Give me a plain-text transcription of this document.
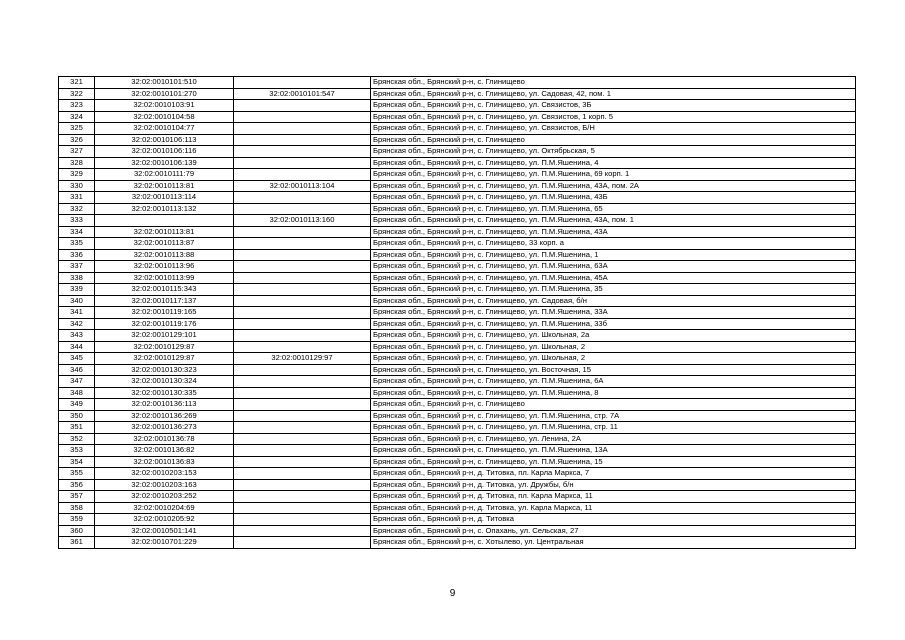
321	32:02:0010101:510		Брянская обл., Брянский р-н, с. Глинищево
322	32:02:0010101:270	32:02:0010101:547	Брянская обл., Брянский р-н, с. Глинищево, ул. Садовая, 42, пом. 1
323	32:02:0010103:91		Брянская обл., Брянский р-н, с. Глинищево, ул. Связистов, 3Б
324	32:02:0010104:58		Брянская обл., Брянский р-н, с. Глинищево, ул. Связистов, 1 корп. 5
325	32:02:0010104:77		Брянская обл., Брянский р-н, с. Глинищево, ул. Связистов, Б/Н
326	32:02:0010106:113		Брянская обл., Брянский р-н, с. Глинищево
327	32:02:0010106:116		Брянская обл., Брянский р-н, с. Глинищево, ул. Октябрьская, 5
328	32:02:0010106:139		Брянская обл., Брянский р-н, с. Глинищево, ул. П.М.Яшенина, 4
329	32:02:0010111:79		Брянская обл., Брянский р-н, с. Глинищево, ул. П.М.Яшенина, 69 корп. 1
330	32:02:0010113:81	32:02:0010113:104	Брянская обл., Брянский р-н, с. Глинищево, ул. П.М.Яшенина, 43А, пом. 2А
331	32:02:0010113:114		Брянская обл., Брянский р-н, с. Глинищево, ул. П.М.Яшенина, 43Б
332	32:02:0010113:132		Брянская обл., Брянский р-н, с. Глинищево, ул. П.М.Яшенина, 65
333		32:02:0010113:160	Брянская обл., Брянский р-н, с. Глинищево, ул. П.М.Яшенина, 43А, пом. 1
334	32:02:0010113:81		Брянская обл., Брянский р-н, с. Глинищево, ул. П.М.Яшенина, 43А
335	32:02:0010113:87		Брянская обл., Брянский р-н, с. Глинищево, 33 корп. а
336	32:02:0010113:88		Брянская обл., Брянский р-н, с. Глинищево, ул. П.М.Яшенина, 1
337	32:02:0010113:96		Брянская обл., Брянский р-н, с. Глинищево, ул. П.М.Яшенина, 63А
338	32:02:0010113:99		Брянская обл., Брянский р-н, с. Глинищево, ул. П.М.Яшенина, 45А
339	32:02:0010115:343		Брянская обл., Брянский р-н, с. Глинищево, ул. П.М.Яшенина, 35
340	32:02:0010117:137		Брянская обл., Брянский р-н, с. Глинищево, ул. Садовая, б/н
341	32:02:0010119:165		Брянская обл., Брянский р-н, с. Глинищево, ул. П.М.Яшенина, 33А
342	32:02:0010119:176		Брянская обл., Брянский р-н, с. Глинищево, ул. П.М.Яшенина, 33б
343	32:02:0010129:101		Брянская обл., Брянский р-н, с. Глинищево, ул. Школьная, 2а
344	32:02:0010129:87		Брянская обл., Брянский р-н, с. Глинищево, ул. Школьная, 2
345	32:02:0010129:87	32:02:0010129:97	Брянская обл., Брянский р-н, с. Глинищево, ул. Школьная, 2
346	32:02:0010130:323		Брянская обл., Брянский р-н, с. Глинищево, ул. Восточная, 15
347	32:02:0010130:324		Брянская обл., Брянский р-н, с. Глинищево, ул. П.М.Яшенина, 6А
348	32:02:0010130:335		Брянская обл., Брянский р-н, с. Глинищево, ул. П.М.Яшенина, 8
349	32:02:0010136:113		Брянская обл., Брянский р-н, с. Глинищево
350	32:02:0010136:269		Брянская обл., Брянский р-н, с. Глинищево, ул. П.М.Яшенина, стр. 7А
351	32:02:0010136:273		Брянская обл., Брянский р-н, с. Глинищево, ул. П.М.Яшенина, стр. 11
352	32:02:0010136:78		Брянская обл., Брянский р-н, с. Глинищево, ул. Ленина, 2А
353	32:02:0010136:82		Брянская обл., Брянский р-н, с. Глинищево, ул. П.М.Яшенина, 13А
354	32:02:0010136:83		Брянская обл., Брянский р-н, с. Глинищево, ул. П.М.Яшенина, 15
355	32:02:0010203:153		Брянская обл., Брянский р-н, д. Титовка, пл. Карла Маркса, 7
356	32:02:0010203:163		Брянская обл., Брянский р-н, д. Титовка, ул. Дружбы, б/н
357	32:02:0010203:252		Брянская обл., Брянский р-н, д. Титовка, пл. Карла Маркса, 11
358	32:02:0010204:69		Брянская обл., Брянский р-н, д. Титовка, ул. Карла Маркса, 11
359	32:02:0010205:92		Брянская обл., Брянский р-н, д. Титовка
360	32:02:0010501:141		Брянская обл., Брянский р-н, с. Опахань, ул. Сельская, 27
361	32:02:0010701:229		Брянская обл., Брянский р-н, с. Хотылево, ул. Центральная
9
